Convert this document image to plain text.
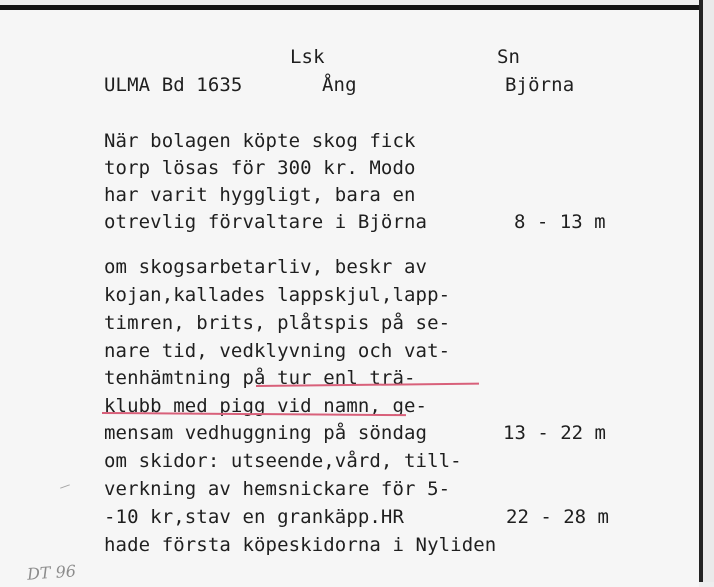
Lsk	Sn
ULMA Bd 1635	Ång	Björna
När bolagen köpte skog fick
torp lösas för 300 kr. Modo
har varit hyggligt, bara en
otrevlig förvaltare i Björna	8 - 13 m
om skogsarbetarliv, beskr av
kojan,kallades lappskjul,lapp-
timren, brits, plåtspis på se-
nare tid, vedklyvning och vat-
tenhämtning på tur enl trä-
klubb med pigg vid namn, ge-
mensam vedhuggning på söndag	13 - 22 m
om skidor: utseende,vård, till-
verkning av hemsnickare för 5-
-10 kr,stav en grankäpp.HR	22 - 28 m
hade första köpeskidorna i Nyliden
DT 96
